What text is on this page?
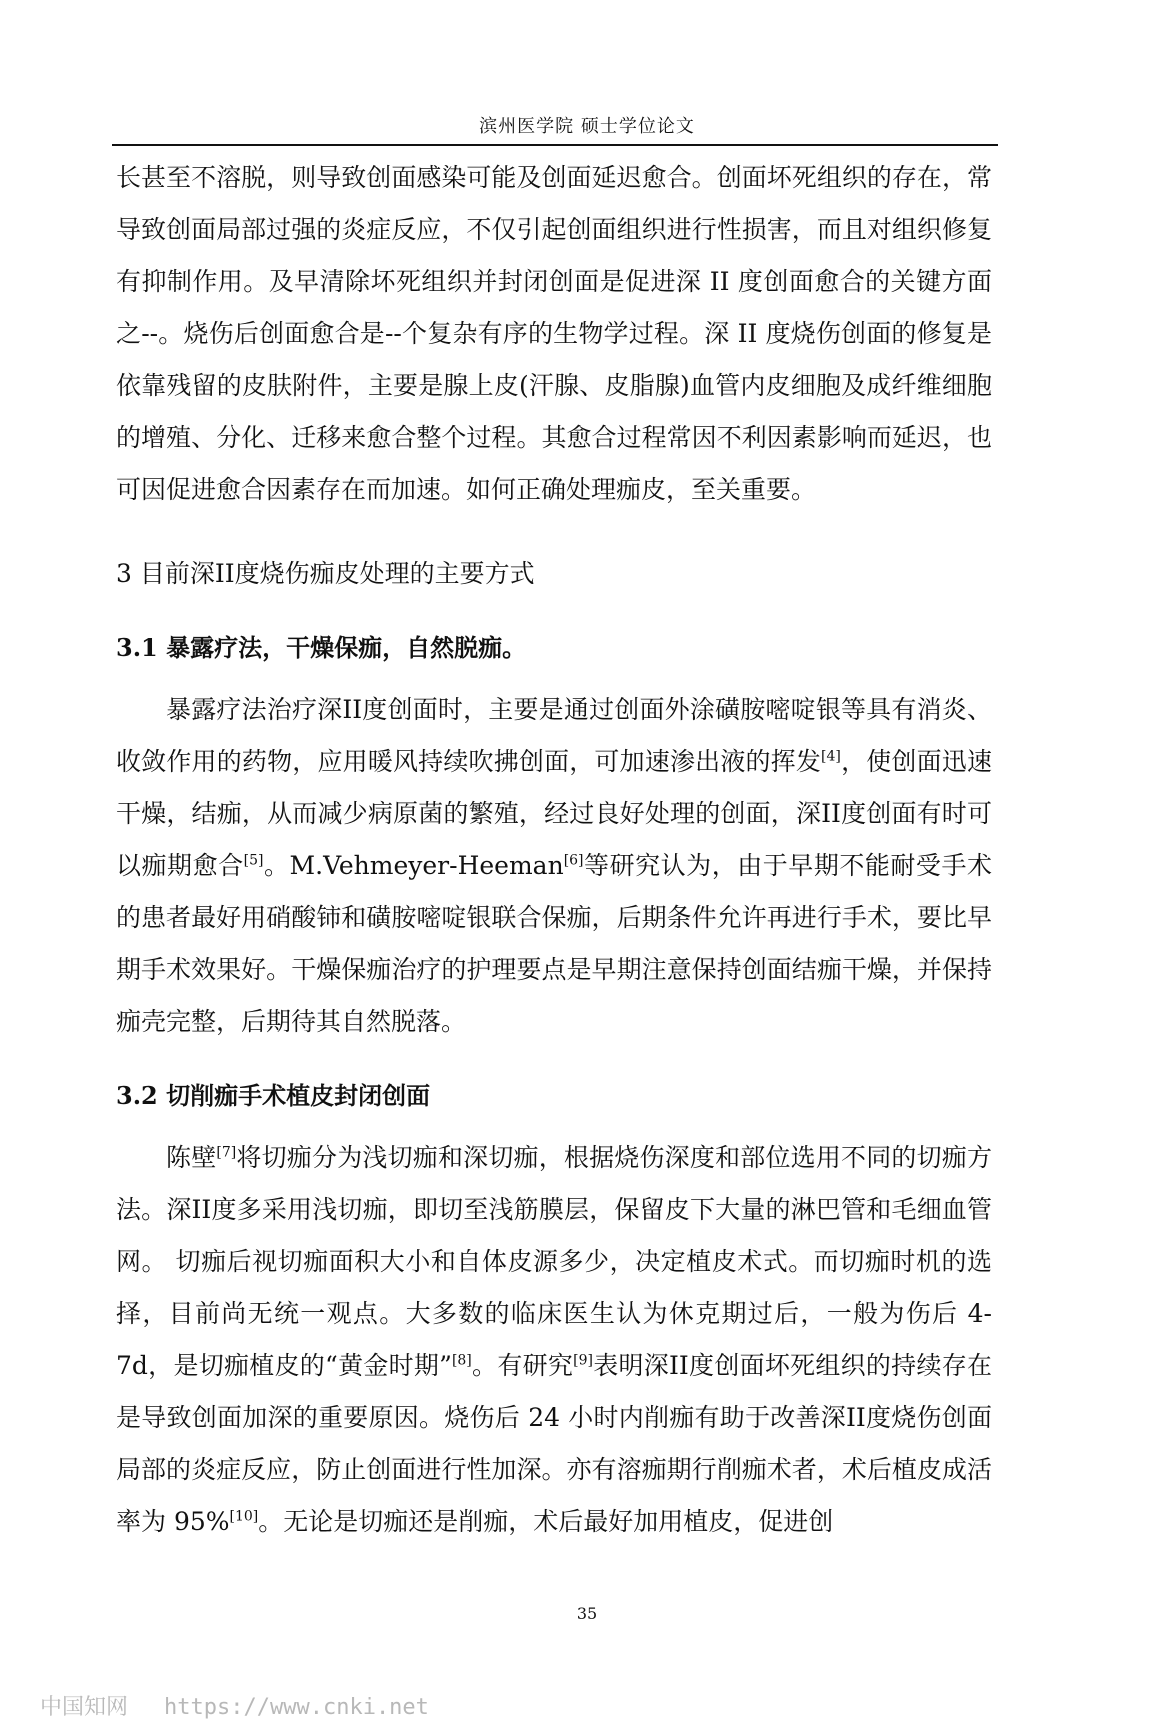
滨州医学院 硕士学位论文

长甚至不溶脱，则导致创面感染可能及创面延迟愈合。创面坏死组织的存在，常导致创面局部过强的炎症反应，不仅引起创面组织进行性损害，而且对组织修复有抑制作用。及早清除坏死组织并封闭创面是促进深 II 度创面愈合的关键方面之--。烧伤后创面愈合是--个复杂有序的生物学过程。深 II 度烧伤创面的修复是依靠残留的皮肤附件，主要是腺上皮(汗腺、皮脂腺)血管内皮细胞及成纤维细胞的增殖、分化、迁移来愈合整个过程。其愈合过程常因不利因素影响而延迟，也可因促进愈合因素存在而加速。如何正确处理痂皮，至关重要。

3 目前深II度烧伤痂皮处理的主要方式
3.1 暴露疗法，干燥保痂，自然脱痂。

暴露疗法治疗深II度创面时，主要是通过创面外涂磺胺嘧啶银等具有消炎、收敛作用的药物，应用暖风持续吹拂创面，可加速渗出液的挥发[4]，使创面迅速干燥，结痂，从而减少病原菌的繁殖，经过良好处理的创面，深II度创面有时可以痂期愈合[5]。M.Vehmeyer-Heeman[6]等研究认为，由于早期不能耐受手术的患者最好用硝酸铈和磺胺嘧啶银联合保痂，后期条件允许再进行手术，要比早期手术效果好。干燥保痂治疗的护理要点是早期注意保持创面结痂干燥，并保持痂壳完整，后期待其自然脱落。

3.2 切削痂手术植皮封闭创面

陈壁[7]将切痂分为浅切痂和深切痂，根据烧伤深度和部位选用不同的切痂方法。深II度多采用浅切痂，即切至浅筋膜层，保留皮下大量的淋巴管和毛细血管网。 切痂后视切痂面积大小和自体皮源多少，决定植皮术式。而切痂时机的选择，目前尚无统一观点。大多数的临床医生认为休克期过后，一般为伤后 4-7d，是切痂植皮的“黄金时期”[8]。有研究[9]表明深II度创面坏死组织的持续存在是导致创面加深的重要原因。烧伤后 24 小时内削痂有助于改善深II度烧伤创面局部的炎症反应，防止创面进行性加深。亦有溶痂期行削痂术者，术后植皮成活率为 95%[10]。无论是切痂还是削痂，术后最好加用植皮，促进创

35
中国知网 https://www.cnki.net
